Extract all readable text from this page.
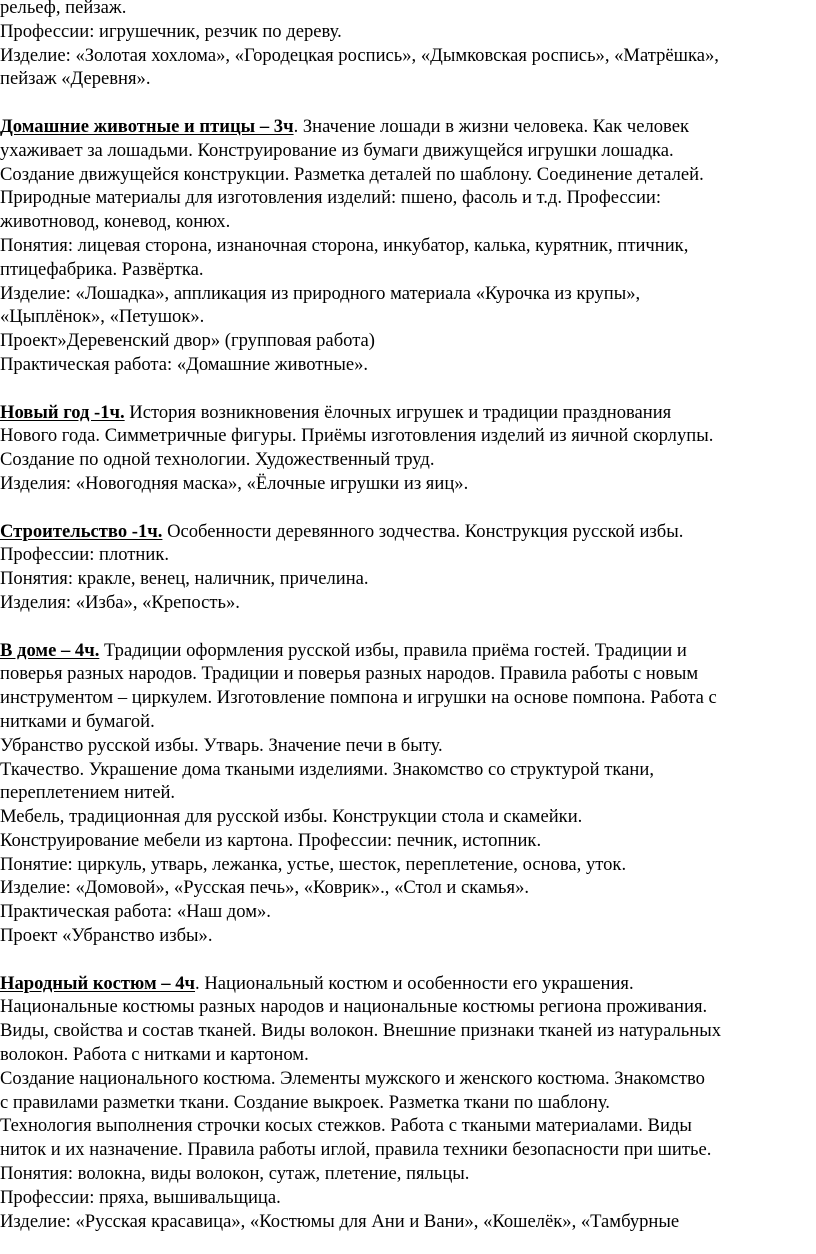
рельеф, пейзаж.
Профессии: игрушечник, резчик по дереву.
Изделие: «Золотая хохлома», «Городецкая роспись», «Дымковская роспись», «Матрёшка»,
пейзаж «Деревня».
Домашние животные и птицы – 3ч. Значение лошади в жизни человека. Как человек
ухаживает за лошадьми. Конструирование из бумаги движущейся игрушки лошадка.
Создание движущейся конструкции. Разметка деталей по шаблону. Соединение деталей.
Природные материалы для изготовления изделий: пшено, фасоль и т.д. Профессии:
животновод, коневод, конюх.
Понятия: лицевая сторона, изнаночная сторона, инкубатор, калька, курятник, птичник,
птицефабрика. Развёртка.
Изделие: «Лошадка», аппликация из природного материала «Курочка из крупы»,
«Цыплёнок», «Петушок».
Проект»Деревенский двор» (групповая работа)
Практическая работа: «Домашние животные».
Новый год -1ч. История возникновения ёлочных игрушек и традиции празднования
Нового года. Симметричные фигуры. Приёмы изготовления изделий из яичной скорлупы.
Создание по одной технологии. Художественный труд.
Изделия: «Новогодняя маска», «Ёлочные игрушки из яиц».
Строительство -1ч. Особенности деревянного зодчества. Конструкция русской избы.
Профессии: плотник.
Понятия: кракле, венец, наличник, причелина.
Изделия: «Изба», «Крепость».
В доме – 4ч. Традиции оформления русской избы, правила приёма гостей. Традиции и
поверья разных народов. Традиции и поверья разных народов. Правила работы с новым
инструментом – циркулем. Изготовление помпона и игрушки на основе помпона. Работа с
нитками и бумагой.
Убранство русской избы. Утварь. Значение печи в быту.
Ткачество. Украшение дома ткаными изделиями. Знакомство со структурой ткани,
переплетением нитей.
Мебель, традиционная для русской избы. Конструкции стола и скамейки.
Конструирование мебели из картона. Профессии: печник, истопник.
Понятие: циркуль, утварь, лежанка, устье, шесток, переплетение, основа, уток.
Изделие: «Домовой», «Русская печь», «Коврик»., «Стол и скамья».
Практическая работа: «Наш дом».
Проект «Убранство избы».
Народный костюм – 4ч. Национальный костюм и особенности его украшения.
Национальные костюмы разных народов и национальные костюмы региона проживания.
Виды, свойства и состав тканей. Виды волокон. Внешние признаки тканей из натуральных
волокон. Работа с нитками и картоном.
Создание национального костюма. Элементы мужского и женского костюма. Знакомство
с правилами разметки ткани. Создание выкроек. Разметка ткани по шаблону.
Технология выполнения строчки косых стежков. Работа с ткаными материалами. Виды
ниток и их назначение. Правила работы иглой, правила техники безопасности при шитье.
Понятия: волокна, виды волокон, сутаж, плетение, пяльцы.
Профессии: пряха, вышивальщица.
Изделие: «Русская красавица», «Костюмы для Ани и Вани», «Кошелёк», «Тамбурные
